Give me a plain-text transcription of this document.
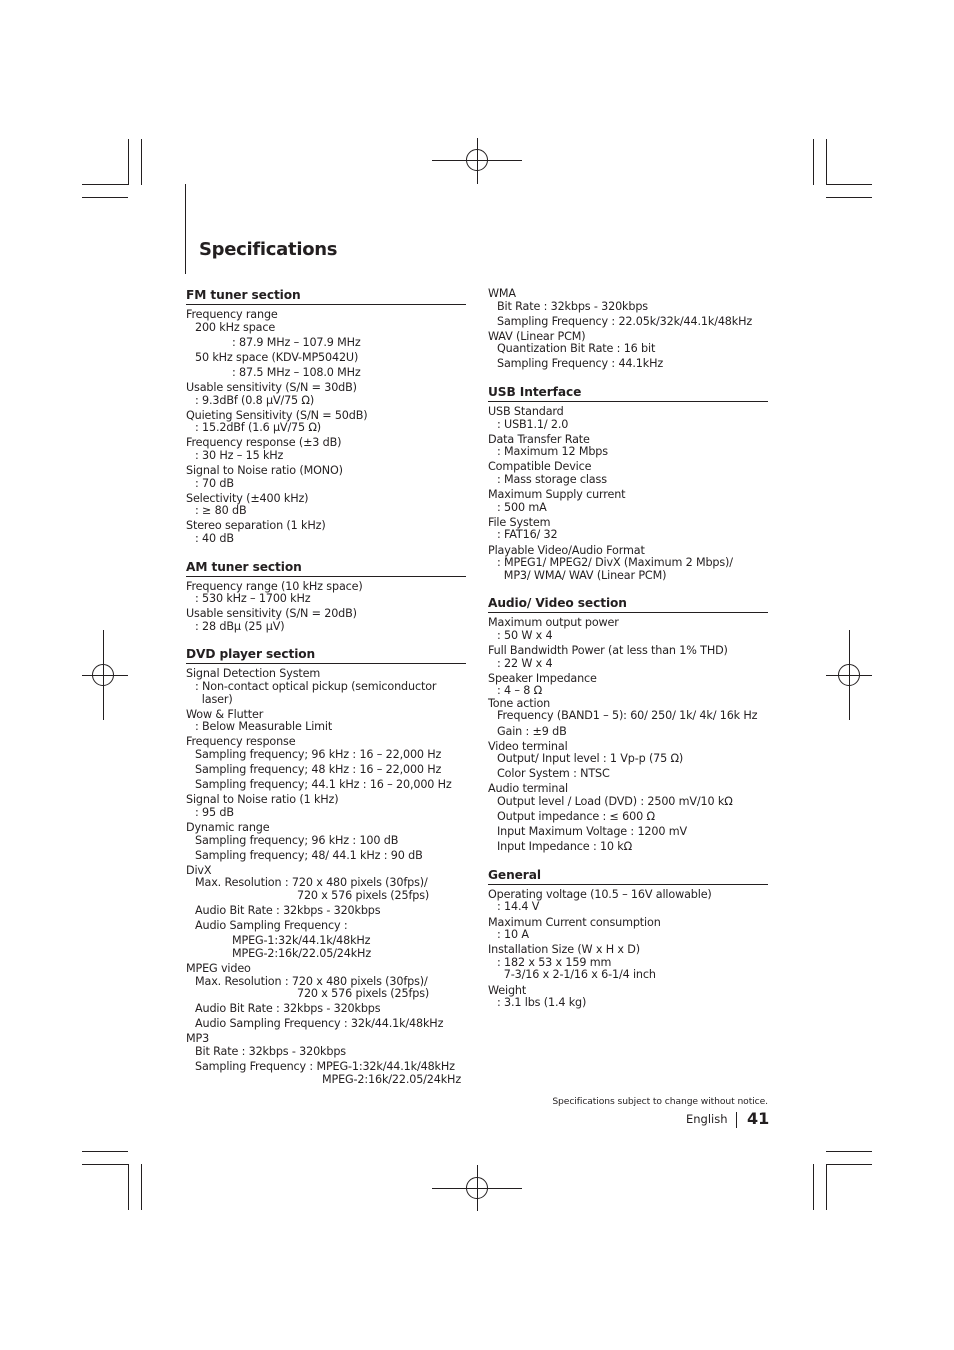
Specifications
FM tuner section
Frequency range
200 kHz space
: 87.9 MHz – 107.9 MHz
50 kHz space (KDV-MP5042U)
: 87.5 MHz – 108.0 MHz
Usable sensitivity (S/N = 30dB)
: 9.3dBf (0.8 μV/75 Ω)
Quieting Sensitivity (S/N = 50dB)
: 15.2dBf (1.6 μV/75 Ω)
Frequency response (±3 dB)
: 30 Hz – 15 kHz
Signal to Noise ratio (MONO)
: 70 dB
Selectivity (±400 kHz)
: ≥ 80 dB
Stereo separation (1 kHz)
: 40 dB
AM tuner section
Frequency range (10 kHz space)
: 530 kHz – 1700 kHz
Usable sensitivity (S/N = 20dB)
: 28 dBμ (25 μV)
DVD player section
Signal Detection System
: Non-contact optical pickup (semiconductor
laser)
Wow & Flutter
: Below Measurable Limit
Frequency response
Sampling frequency; 96 kHz : 16 – 22,000 Hz
Sampling frequency; 48 kHz : 16 – 22,000 Hz
Sampling frequency; 44.1 kHz : 16 – 20,000 Hz
Signal to Noise ratio (1 kHz)
: 95 dB
Dynamic range
Sampling frequency; 96 kHz : 100 dB
Sampling frequency; 48/ 44.1 kHz : 90 dB
DivX
Max. Resolution : 720 x 480 pixels (30fps)/
720 x 576 pixels (25fps)
Audio Bit Rate : 32kbps - 320kbps
Audio Sampling Frequency :
MPEG-1:32k/44.1k/48kHz
MPEG-2:16k/22.05/24kHz
MPEG video
Max. Resolution : 720 x 480 pixels (30fps)/
720 x 576 pixels (25fps)
Audio Bit Rate : 32kbps - 320kbps
Audio Sampling Frequency : 32k/44.1k/48kHz
MP3
Bit Rate : 32kbps - 320kbps
Sampling Frequency : MPEG-1:32k/44.1k/48kHz
MPEG-2:16k/22.05/24kHz
WMA
Bit Rate : 32kbps - 320kbps
Sampling Frequency : 22.05k/32k/44.1k/48kHz
WAV (Linear PCM)
Quantization Bit Rate : 16 bit
Sampling Frequency : 44.1kHz
USB Interface
USB Standard
: USB1.1/ 2.0
Data Transfer Rate
: Maximum 12 Mbps
Compatible Device
: Mass storage class
Maximum Supply current
: 500 mA
File System
: FAT16/ 32
Playable Video/Audio Format
: MPEG1/ MPEG2/ DivX (Maximum 2 Mbps)/
MP3/ WMA/ WAV (Linear PCM)
Audio/ Video section
Maximum output power
: 50 W x 4
Full Bandwidth Power (at less than 1% THD)
: 22 W x 4
Speaker Impedance
: 4 – 8 Ω
Tone action
Frequency (BAND1 – 5): 60/ 250/ 1k/ 4k/ 16k Hz
Gain : ±9 dB
Video terminal
Output/ Input level : 1 Vp-p (75 Ω)
Color System : NTSC
Audio terminal
Output level / Load (DVD) : 2500 mV/10 kΩ
Output impedance : ≤ 600 Ω
Input Maximum Voltage : 1200 mV
Input Impedance : 10 kΩ
General
Operating voltage (10.5 – 16V allowable)
: 14.4 V
Maximum Current consumption
: 10 A
Installation Size (W x H x D)
: 182 x 53 x 159 mm
7-3/16 x 2-1/16 x 6-1/4 inch
Weight
: 3.1 lbs (1.4 kg)
Specifications subject to change without notice.
English 41
